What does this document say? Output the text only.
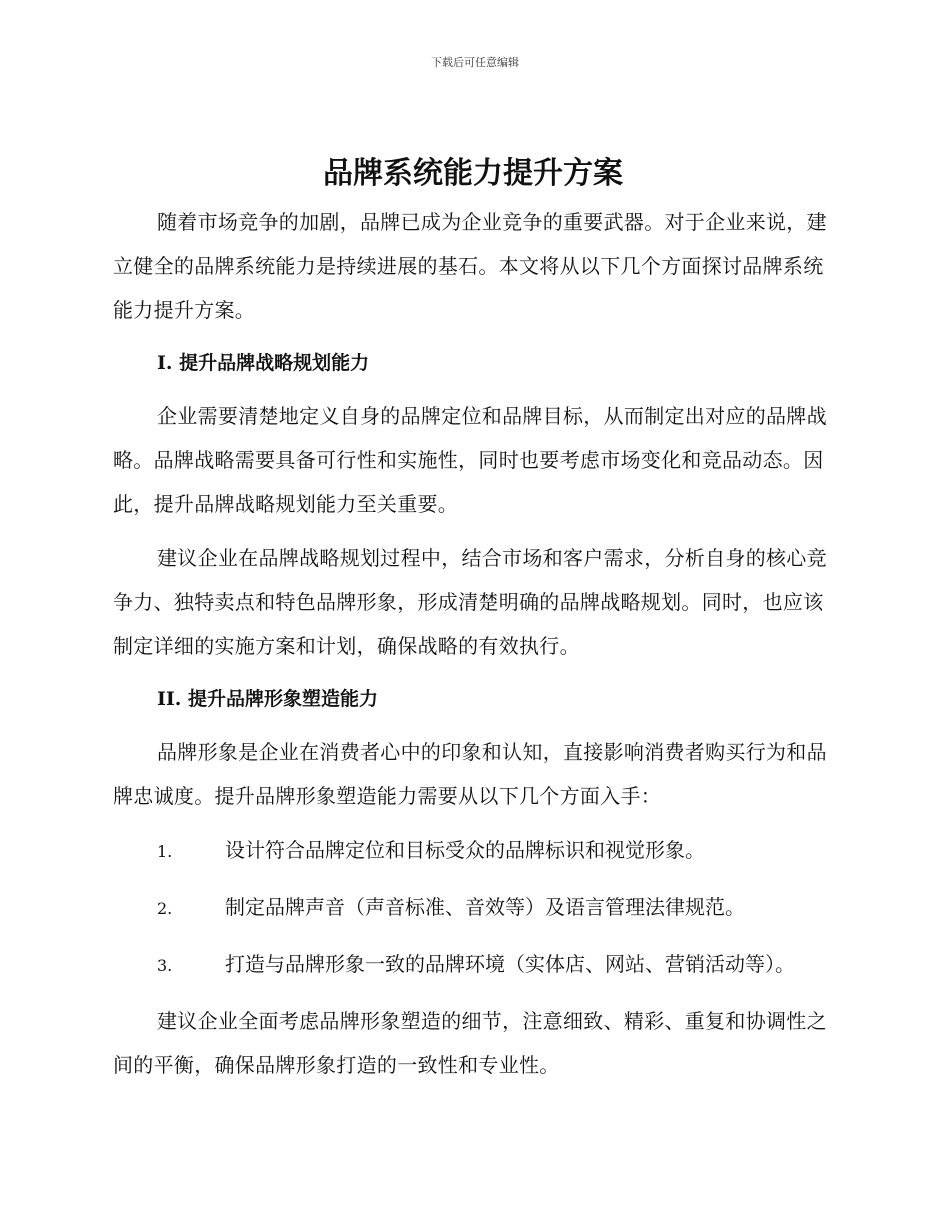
下载后可任意编辑
品牌系统能力提升方案

随着市场竞争的加剧，品牌已成为企业竞争的重要武器。对于企业来说，建立健全的品牌系统能力是持续进展的基石。本文将从以下几个方面探讨品牌系统能力提升方案。

I. 提升品牌战略规划能力

企业需要清楚地定义自身的品牌定位和品牌目标，从而制定出对应的品牌战略。品牌战略需要具备可行性和实施性，同时也要考虑市场变化和竞品动态。因此，提升品牌战略规划能力至关重要。

建议企业在品牌战略规划过程中，结合市场和客户需求，分析自身的核心竞争力、独特卖点和特色品牌形象，形成清楚明确的品牌战略规划。同时，也应该制定详细的实施方案和计划，确保战略的有效执行。

II. 提升品牌形象塑造能力

品牌形象是企业在消费者心中的印象和认知，直接影响消费者购买行为和品牌忠诚度。提升品牌形象塑造能力需要从以下几个方面入手：

1.	设计符合品牌定位和目标受众的品牌标识和视觉形象。
2.	制定品牌声音（声音标准、音效等）及语言管理法律规范。
3.	打造与品牌形象一致的品牌环境（实体店、网站、营销活动等）。

建议企业全面考虑品牌形象塑造的细节，注意细致、精彩、重复和协调性之间的平衡，确保品牌形象打造的一致性和专业性。
